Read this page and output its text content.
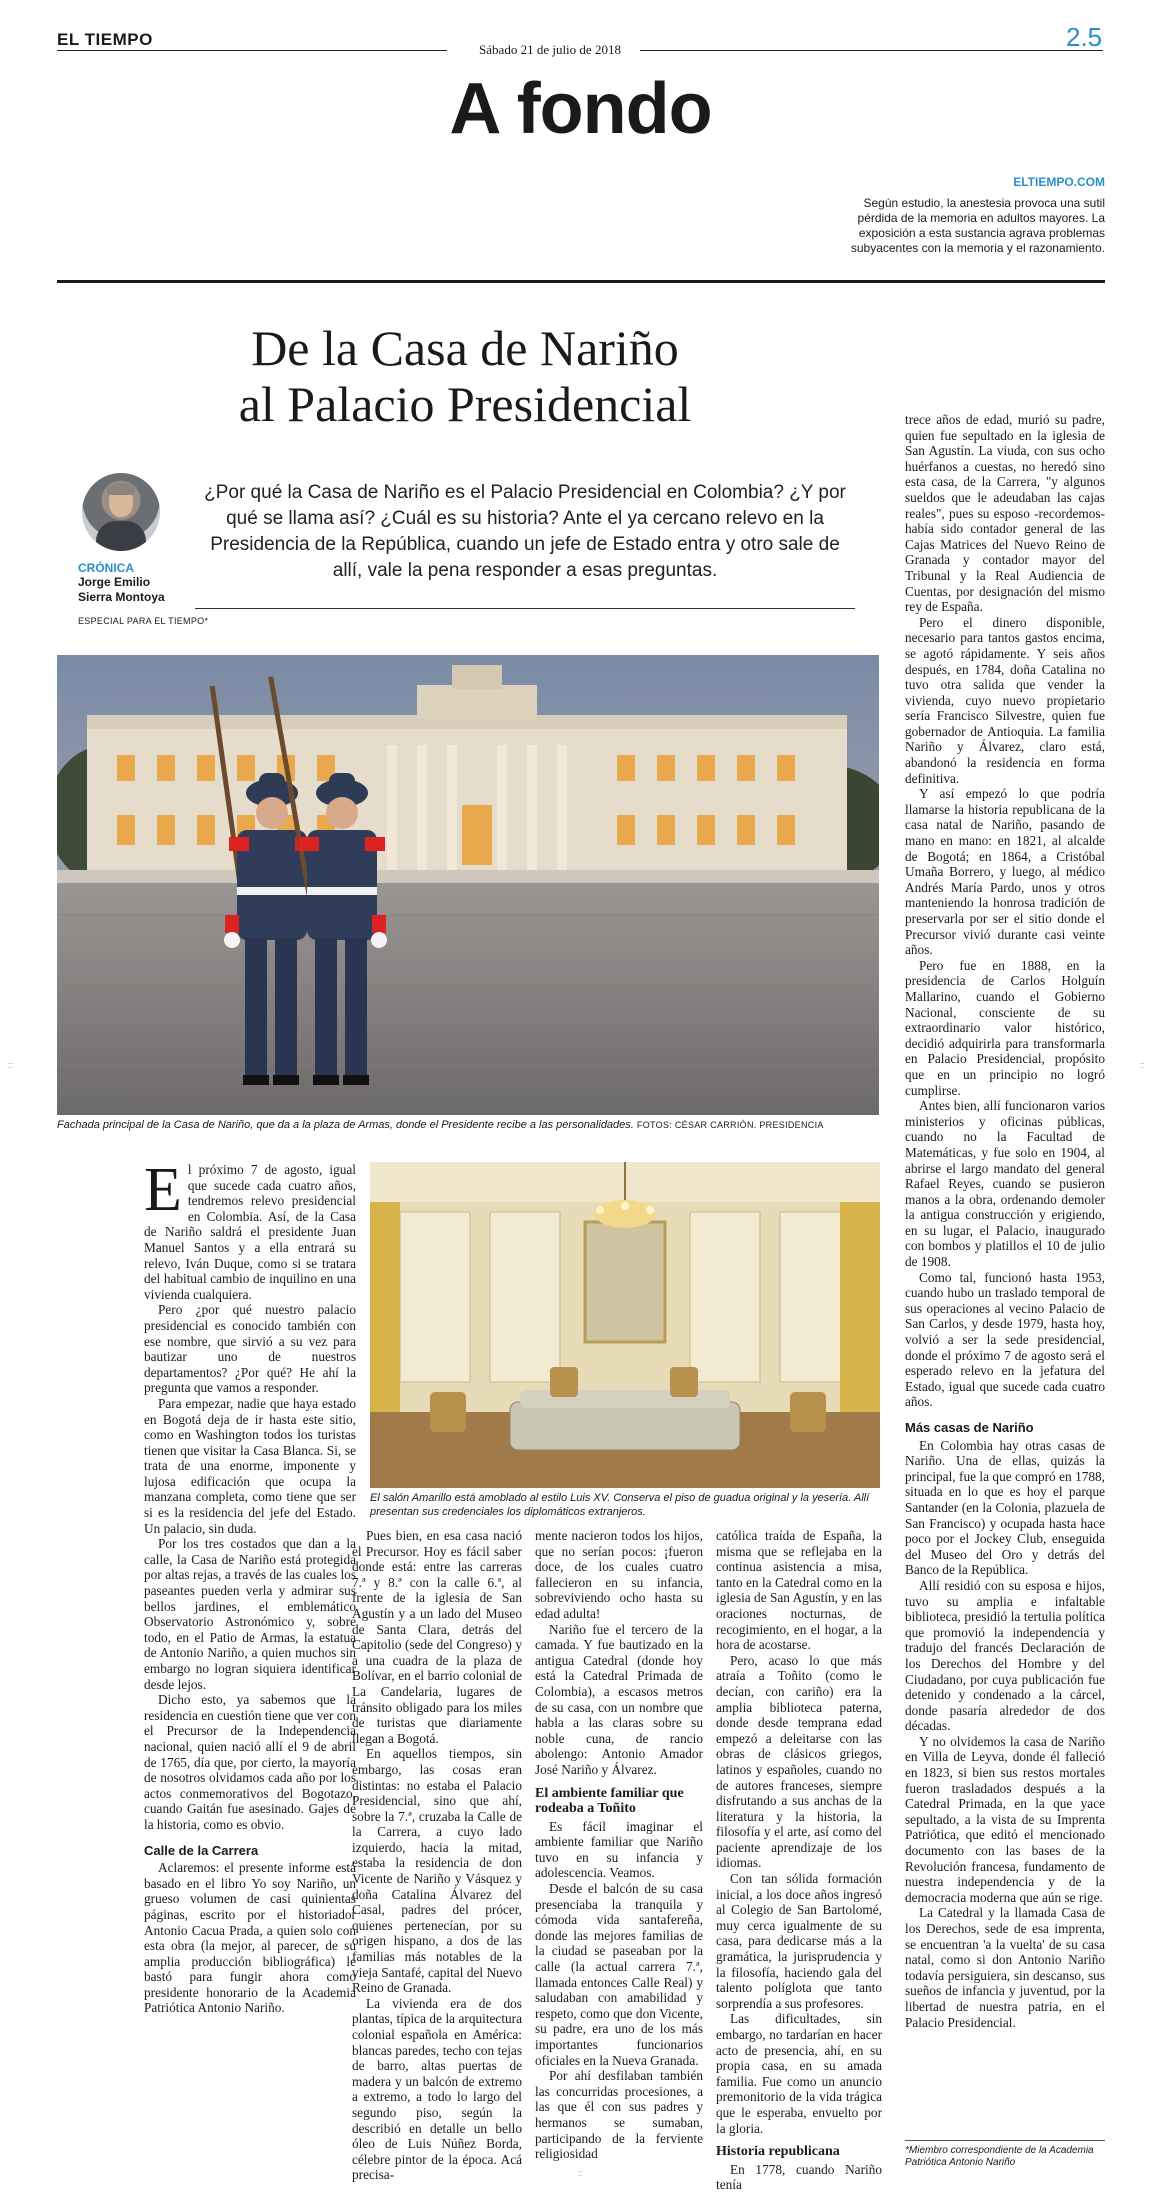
EL TIEMPO
Sábado 21 de julio de 2018	2.5
A fondo
ELTIEMPO.COM
Según estudio, la anestesia provoca una sutil pérdida de la memoria en adultos mayores. La exposición a esta sustancia agrava problemas subyacentes con la memoria y el razonamiento.
De la Casa de Nariño
al Palacio Presidencial
CRÓNICA
Jorge Emilio
Sierra Montoya
ESPECIAL PARA EL TIEMPO*
¿Por qué la Casa de Nariño es el Palacio Presidencial en Colombia? ¿Y por qué se llama así? ¿Cuál es su historia? Ante el ya cercano relevo en la Presidencia de la República, cuando un jefe de Estado entra y otro sale de allí, vale la pena responder a esas preguntas.
Fachada principal de la Casa de Nariño, que da a la plaza de Armas, donde el Presidente recibe a las personalidades. FOTOS: CÉSAR CARRIÓN. PRESIDENCIA
El salón Amarillo está amoblado al estilo Luis XV. Conserva el piso de guadua original y la yesería. Allí presentan sus credenciales los diplomáticos extranjeros.

El próximo 7 de agosto, igual que sucede cada cuatro años, tendremos relevo presidencial en Colombia. Así, de la Casa de Nariño saldrá el presidente Juan Manuel Santos y a ella entrará su relevo, Iván Duque, como si se tratara del habitual cambio de inquilino en una vivienda cualquiera.

Pero ¿por qué nuestro palacio presidencial es conocido también con ese nombre, que sirvió a su vez para bautizar uno de nuestros departamentos? ¿Por qué? He ahí la pregunta que vamos a responder.

Para empezar, nadie que haya estado en Bogotá deja de ir hasta este sitio, como en Washington todos los turistas tienen que visitar la Casa Blanca. Si, se trata de una enorme, imponente y lujosa edificación que ocupa la manzana completa, como tiene que ser si es la residencia del jefe del Estado. Un palacio, sin duda.

Por los tres costados que dan a la calle, la Casa de Nariño está protegida por altas rejas, a través de las cuales los paseantes pueden verla y admirar sus bellos jardines, el emblemático Observatorio Astronómico y, sobre todo, en el Patio de Armas, la estatua de Antonio Nariño, a quien muchos sin embargo no logran siquiera identificar desde lejos.

Dicho esto, ya sabemos que la residencia en cuestión tiene que ver con el Precursor de la Independencia nacional, quien nació allí el 9 de abril de 1765, día que, por cierto, la mayoría de nosotros olvidamos cada año por los actos conmemorativos del Bogotazo, cuando Gaitán fue asesinado. Gajes de la historia, como es obvio.

Calle de la Carrera

Aclaremos: el presente informe está basado en el libro Yo soy Nariño, un grueso volumen de casi quinientas páginas, escrito por el historiador Antonio Cacua Prada, a quien solo con esta obra (la mejor, al parecer, de su amplia producción bibliográfica) le bastó para fungir ahora como presidente honorario de la Academia Patriótica Antonio Nariño.

Pues bien, en esa casa nació el Precursor. Hoy es fácil saber donde está: entre las carreras 7.ª y 8.ª con la calle 6.ª, al frente de la iglesia de San Agustín y a un lado del Museo de Santa Clara, detrás del Capitolio (sede del Congreso) y a una cuadra de la plaza de Bolívar, en el barrio colonial de La Candelaria, lugares de tránsito obligado para los miles de turistas que diariamente llegan a Bogotá.

En aquellos tiempos, sin embargo, las cosas eran distintas: no estaba el Palacio Presidencial, sino que ahí, sobre la 7.ª, cruzaba la Calle de la Carrera, a cuyo lado izquierdo, hacia la mitad, estaba la residencia de don Vicente de Nariño y Vásquez y doña Catalina Álvarez del Casal, padres del prócer, quienes pertenecían, por su origen hispano, a dos de las familias más notables de la vieja Santafé, capital del Nuevo Reino de Granada.

La vivienda era de dos plantas, típica de la arquitectura colonial española en América: blancas paredes, techo con tejas de barro, altas puertas de madera y un balcón de extremo a extremo, a todo lo largo del segundo piso, según la describió en detalle un bello óleo de Luis Núñez Borda, célebre pintor de la época. Acá precisa-

mente nacieron todos los hijos, que no serían pocos: ¡fueron doce, de los cuales cuatro fallecieron en su infancia, sobreviviendo ocho hasta su edad adulta!

Nariño fue el tercero de la camada. Y fue bautizado en la antigua Catedral (donde hoy está la Catedral Primada de Colombia), a escasos metros de su casa, con un nombre que habla a las claras sobre su noble cuna, de rancio abolengo: Antonio Amador José Nariño y Álvarez.

El ambiente familiar que rodeaba a Toñito

Es fácil imaginar el ambiente familiar que Nariño tuvo en su infancia y adolescencia. Veamos.

Desde el balcón de su casa presenciaba la tranquila y cómoda vida santafereña, donde las mejores familias de la ciudad se paseaban por la calle (la actual carrera 7.ª, llamada entonces Calle Real) y saludaban con amabilidad y respeto, como que don Vicente, su padre, era uno de los más importantes funcionarios oficiales en la Nueva Granada.

Por ahí desfilaban también las concurridas procesiones, a las que él con sus padres y hermanos se sumaban, participando de la ferviente religiosidad

católica traída de España, la misma que se reflejaba en la continua asistencia a misa, tanto en la Catedral como en la iglesia de San Agustín, y en las oraciones nocturnas, de recogimiento, en el hogar, a la hora de acostarse.

Pero, acaso lo que más atraía a Toñito (como le decían, con cariño) era la amplia biblioteca paterna, donde desde temprana edad empezó a deleitarse con las obras de clásicos griegos, latinos y españoles, cuando no de autores franceses, siempre disfrutando a sus anchas de la literatura y la historia, la filosofía y el arte, así como del paciente aprendizaje de los idiomas.

Con tan sólida formación inicial, a los doce años ingresó al Colegio de San Bartolomé, muy cerca igualmente de su casa, para dedicarse más a la gramática, la jurisprudencia y la filosofía, haciendo gala del talento políglota que tanto sorprendía a sus profesores.

Las dificultades, sin embargo, no tardarían en hacer acto de presencia, ahí, en su propia casa, en su amada familia. Fue como un anuncio premonitorio de la vida trágica que le esperaba, envuelto por la gloria.

Historia republicana

En 1778, cuando Nariño tenía

trece años de edad, murió su padre, quien fue sepultado en la iglesia de San Agustín. La viuda, con sus ocho huérfanos a cuestas, no heredó sino esta casa, de la Carrera, "y algunos sueldos que le adeudaban las cajas reales", pues su esposo -recordemos- había sido contador general de las Cajas Matrices del Nuevo Reino de Granada y contador mayor del Tribunal y la Real Audiencia de Cuentas, por designación del mismo rey de España.

Pero el dinero disponible, necesario para tantos gastos encima, se agotó rápidamente. Y seis años después, en 1784, doña Catalina no tuvo otra salida que vender la vivienda, cuyo nuevo propietario sería Francisco Silvestre, quien fue gobernador de Antioquia. La familia Nariño y Álvarez, claro está, abandonó la residencia en forma definitiva.

Y así empezó lo que podría llamarse la historia republicana de la casa natal de Nariño, pasando de mano en mano: en 1821, al alcalde de Bogotá; en 1864, a Cristóbal Umaña Borrero, y luego, al médico Andrés María Pardo, unos y otros manteniendo la honrosa tradición de preservarla por ser el sitio donde el Precursor vivió durante casi veinte años.

Pero fue en 1888, en la presidencia de Carlos Holguín Mallarino, cuando el Gobierno Nacional, consciente de su extraordinario valor histórico, decidió adquirirla para transformarla en Palacio Presidencial, propósito que en un principio no logró cumplirse.

Antes bien, allí funcionaron varios ministerios y oficinas públicas, cuando no la Facultad de Matemáticas, y fue solo en 1904, al abrirse el largo mandato del general Rafael Reyes, cuando se pusieron manos a la obra, ordenando demoler la antigua construcción y erigiendo, en su lugar, el Palacio, inaugurado con bombos y platillos el 10 de julio de 1908.

Como tal, funcionó hasta 1953, cuando hubo un traslado temporal de sus operaciones al vecino Palacio de San Carlos, y desde 1979, hasta hoy, volvió a ser la sede presidencial, donde el próximo 7 de agosto será el esperado relevo en la jefatura del Estado, igual que sucede cada cuatro años.

Más casas de Nariño

En Colombia hay otras casas de Nariño. Una de ellas, quizás la principal, fue la que compró en 1788, situada en lo que es hoy el parque Santander (en la Colonia, plazuela de San Francisco) y ocupada hasta hace poco por el Jockey Club, enseguida del Museo del Oro y detrás del Banco de la República.

Allí residió con su esposa e hijos, tuvo su amplia e infaltable biblioteca, presidió la tertulia política que promovió la independencia y tradujo del francés Declaración de los Derechos del Hombre y del Ciudadano, por cuya publicación fue detenido y condenado a la cárcel, donde pasaría alrededor de dos décadas.

Y no olvidemos la casa de Nariño en Villa de Leyva, donde él falleció en 1823, si bien sus restos mortales fueron trasladados después a la Catedral Primada, en la que yace sepultado, a la vista de su Imprenta Patriótica, que editó el mencionado documento con las bases de la Revolución francesa, fundamento de nuestra independencia y de la democracia moderna que aún se rige.

La Catedral y la llamada Casa de los Derechos, sede de esa imprenta, se encuentran 'a la vuelta' de su casa natal, como si don Antonio Nariño todavía persiguiera, sin descanso, sus sueños de infancia y juventud, por la libertad de nuestra patria, en el Palacio Presidencial.

*Miembro correspondiente de la Academia Patriótica Antonio Nariño
::	::
::
